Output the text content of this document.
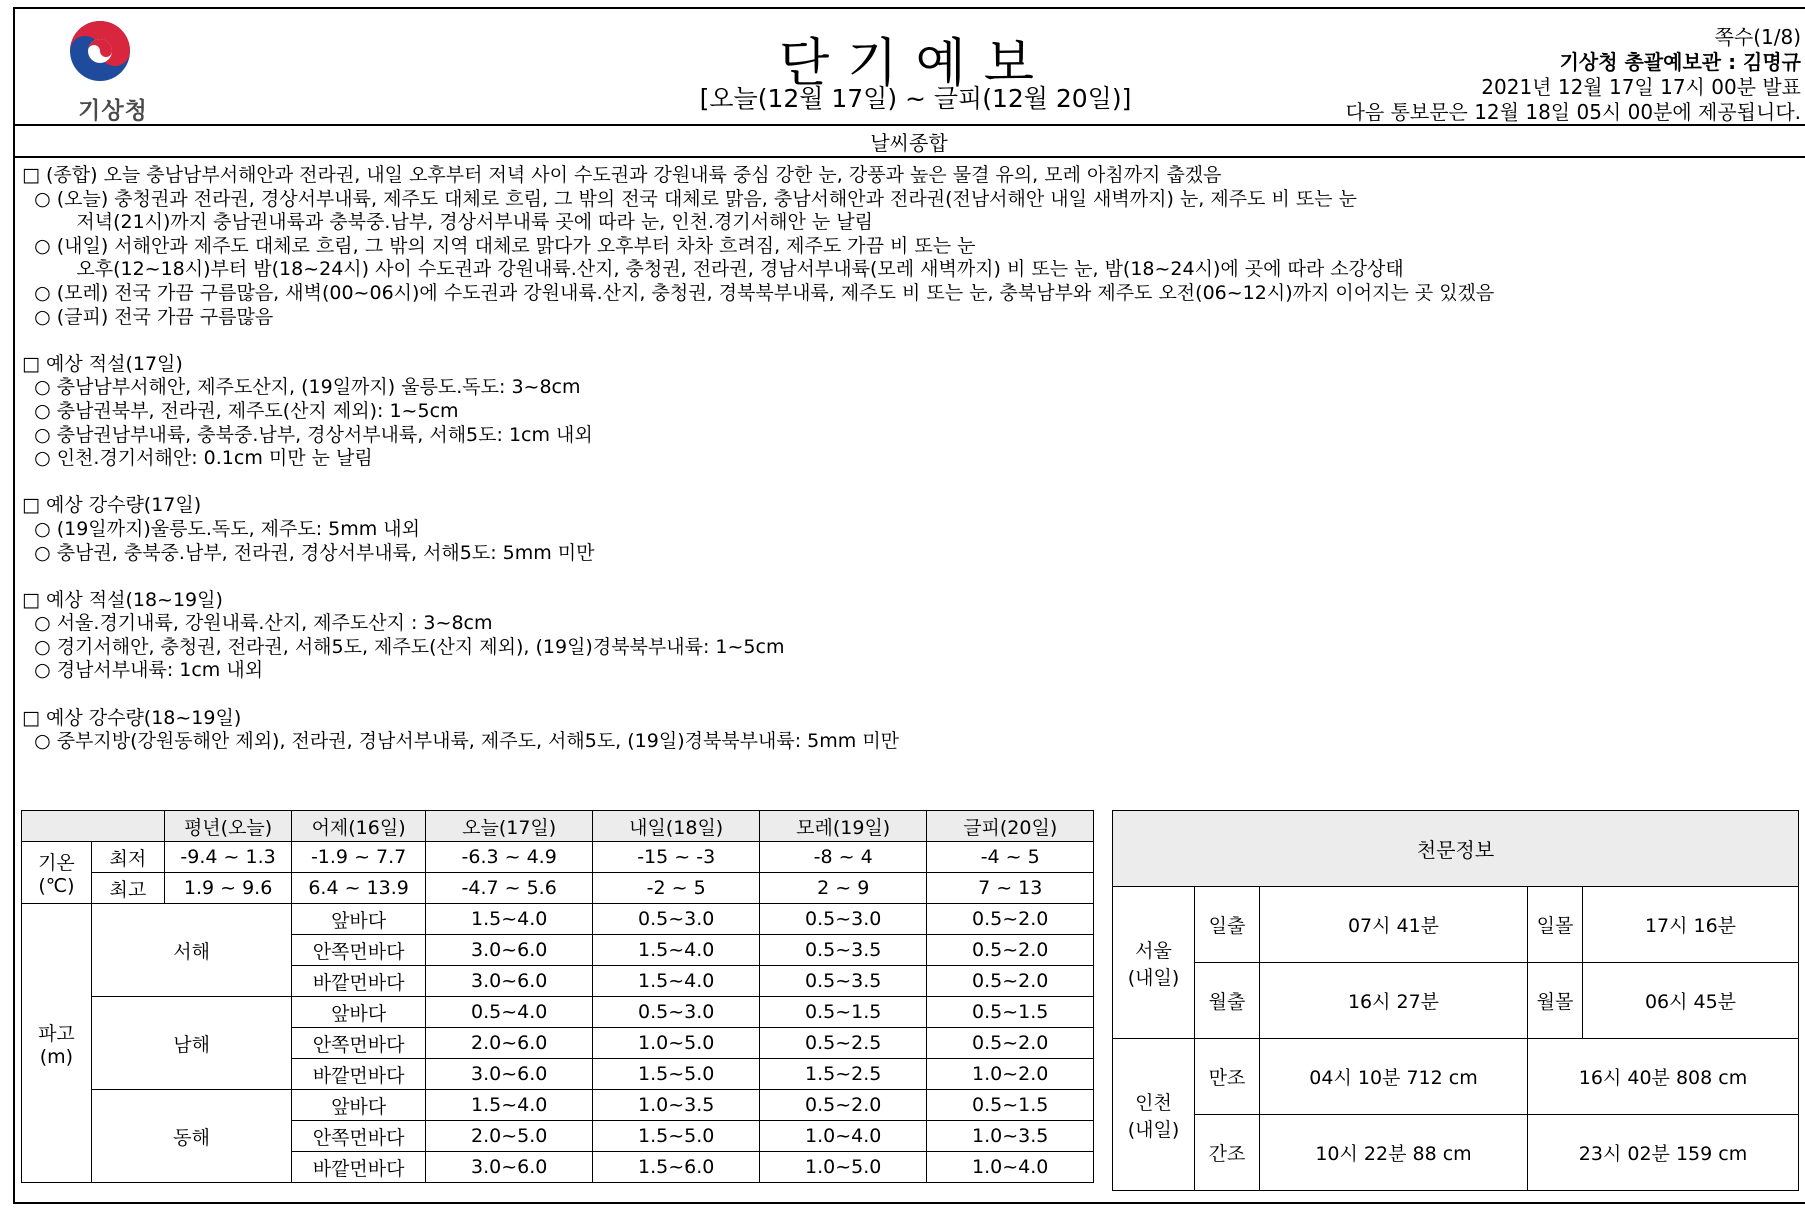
기상청
단기예보
[오늘(12월 17일) ~ 글피(12월 20일)]
쪽수(1/8)
기상청 총괄예보관 : 김명규
2021년 12월 17일 17시 00분 발표
다음 통보문은 12월 18일 05시 00분에 제공됩니다.
날씨종합
□ (종합) 오늘 충남남부서해안과 전라권, 내일 오후부터 저녁 사이 수도권과 강원내륙 중심 강한 눈, 강풍과 높은 물결 유의, 모레 아침까지 춥겠음
○ (오늘) 충청권과 전라권, 경상서부내륙, 제주도 대체로 흐림, 그 밖의 전국 대체로 맑음, 충남서해안과 전라권(전남서해안 내일 새벽까지) 눈, 제주도 비 또는 눈
저녁(21시)까지 충남권내륙과 충북중.남부, 경상서부내륙 곳에 따라 눈, 인천.경기서해안 눈 날림
○ (내일) 서해안과 제주도 대체로 흐림, 그 밖의 지역 대체로 맑다가 오후부터 차차 흐려짐, 제주도 가끔 비 또는 눈
오후(12~18시)부터 밤(18~24시) 사이 수도권과 강원내륙.산지, 충청권, 전라권, 경남서부내륙(모레 새벽까지) 비 또는 눈, 밤(18~24시)에 곳에 따라 소강상태
○ (모레) 전국 가끔 구름많음, 새벽(00~06시)에 수도권과 강원내륙.산지, 충청권, 경북북부내륙, 제주도 비 또는 눈, 충북남부와 제주도 오전(06~12시)까지 이어지는 곳 있겠음
○ (글피) 전국 가끔 구름많음
□ 예상 적설(17일)
○ 충남남부서해안, 제주도산지, (19일까지) 울릉도.독도: 3~8cm
○ 충남권북부, 전라권, 제주도(산지 제외): 1~5cm
○ 충남권남부내륙, 충북중.남부, 경상서부내륙, 서해5도: 1cm 내외
○ 인천.경기서해안: 0.1cm 미만 눈 날림
□ 예상 강수량(17일)
○ (19일까지)울릉도.독도, 제주도: 5mm 내외
○ 충남권, 충북중.남부, 전라권, 경상서부내륙, 서해5도: 5mm 미만
□ 예상 적설(18~19일)
○ 서울.경기내륙, 강원내륙.산지, 제주도산지 : 3~8cm
○ 경기서해안, 충청권, 전라권, 서해5도, 제주도(산지 제외), (19일)경북북부내륙: 1~5cm
○ 경남서부내륙: 1cm 내외
□ 예상 강수량(18~19일)
○ 중부지방(강원동해안 제외), 전라권, 경남서부내륙, 제주도, 서해5도, (19일)경북북부내륙: 5mm 미만
		평년(오늘)	어제(16일)	오늘(17일)	내일(18일)	모레(19일)	글피(20일)
기온
(℃)	최저	-9.4 ~ 1.3	-1.9 ~ 7.7	-6.3 ~ 4.9	-15 ~ -3	-8 ~ 4	-4 ~ 5
	최고	1.9 ~ 9.6	6.4 ~ 13.9	-4.7 ~ 5.6	-2 ~ 5	2 ~ 9	7 ~ 13
파고
(m)	서해		앞바다	1.5~4.0	0.5~3.0	0.5~3.0	0.5~2.0
			안쪽먼바다	3.0~6.0	1.5~4.0	0.5~3.5	0.5~2.0
			바깥먼바다	3.0~6.0	1.5~4.0	0.5~3.5	0.5~2.0
	남해		앞바다	0.5~4.0	0.5~3.0	0.5~1.5	0.5~1.5
			안쪽먼바다	2.0~6.0	1.0~5.0	0.5~2.5	0.5~2.0
			바깥먼바다	3.0~6.0	1.5~5.0	1.5~2.5	1.0~2.0
	동해		앞바다	1.5~4.0	1.0~3.5	0.5~2.0	0.5~1.5
			안쪽먼바다	2.0~5.0	1.5~5.0	1.0~4.0	1.0~3.5
			바깥먼바다	3.0~6.0	1.5~6.0	1.0~5.0	1.0~4.0
천문정보				
서울
(내일)	일출	07시 41분	일몰	17시 16분
	월출	16시 27분	월몰	06시 45분
인천
(내일)	만조	04시 10분 712 cm	16시 40분 808 cm	
	간조	10시 22분 88 cm	23시 02분 159 cm	
